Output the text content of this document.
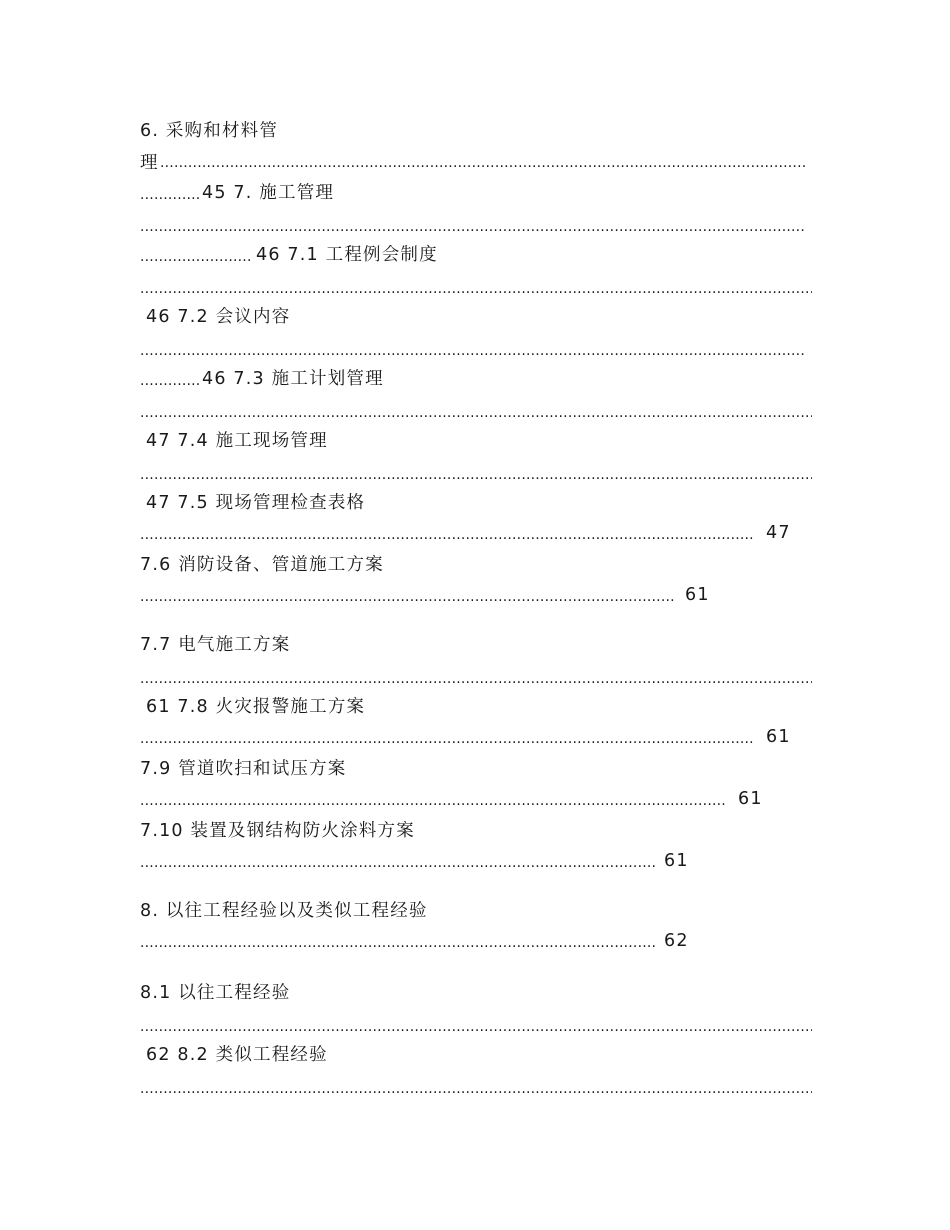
6. 采购和材料管
理
.....
.....
45 7. 施工管理
.....
.....
46 7.1 工程例会制度
.....
46 7.2 会议内容
.....
.....
46 7.3 施工计划管理
.....
47 7.4 施工现场管理
.....
47 7.5 现场管理检查表格
.....
47
7.6 消防设备、管道施工方案
.....
61
7.7 电气施工方案
.....
61 7.8 火灾报警施工方案
.....
61
7.9 管道吹扫和试压方案
.....
61
7.10 装置及钢结构防火涂料方案
.....
61
8. 以往工程经验以及类似工程经验
.....
62
8.1 以往工程经验
.....
62 8.2 类似工程经验
.....
